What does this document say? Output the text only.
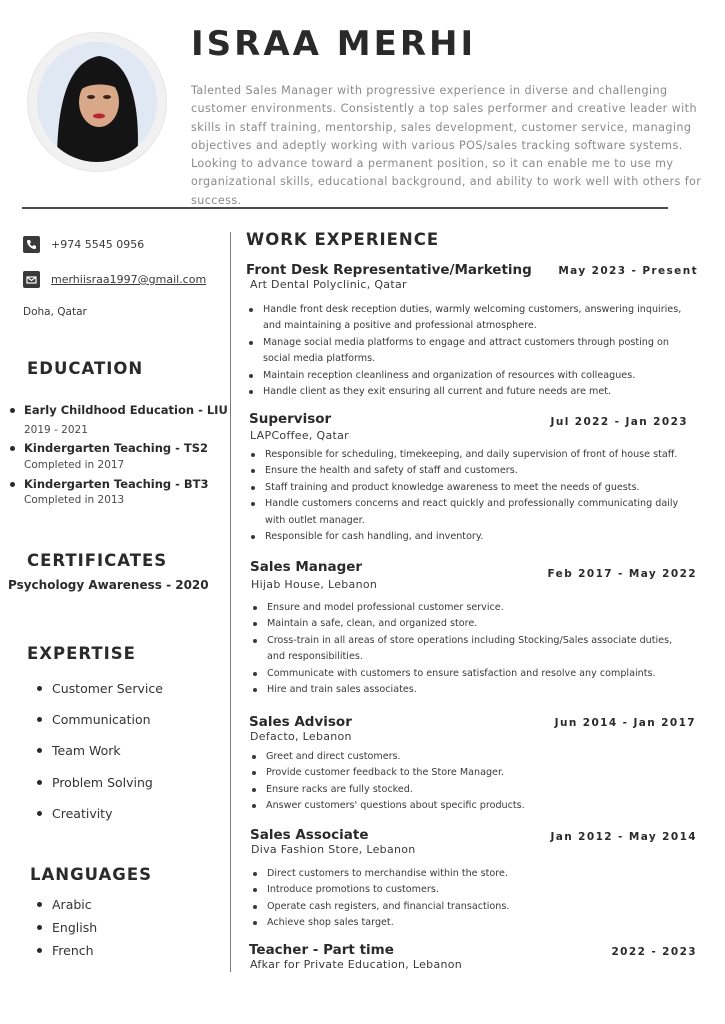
ISRAA MERHI

Talented Sales Manager with progressive experience in diverse and challenging customer environments. Consistently a top sales performer and creative leader with skills in staff training, mentorship, sales development, customer service, managing objectives and adeptly working with various POS/sales tracking software systems. Looking to advance toward a permanent position, so it can enable me to use my organizational skills, educational background, and ability to work well with others for success.

+974 5545 0956
merhiisraa1997@gmail.com
Doha, Qatar
EDUCATION
Early Childhood Education - LIU
2019 - 2021
Kindergarten Teaching - TS2
Completed in 2017
Kindergarten Teaching - BT3
Completed in 2013
CERTIFICATES
Psychology Awareness - 2020
EXPERTISE
Customer Service
Communication
Team Work
Problem Solving
Creativity
LANGUAGES
Arabic
English
French
WORK EXPERIENCE
Front Desk Representative/Marketing	May 2023 - Present
Art Dental Polyclinic, Qatar
Handle front desk reception duties, warmly welcoming customers, answering inquiries, and maintaining a positive and professional atmosphere.
Manage social media platforms to engage and attract customers through posting on social media platforms.
Maintain reception cleanliness and organization of resources with colleagues.
Handle client as they exit ensuring all current and future needs are met.
Supervisor	Jul 2022 - Jan 2023
LAPCoffee, Qatar
Responsible for scheduling, timekeeping, and daily supervision of front of house staff.
Ensure the health and safety of staff and customers.
Staff training and product knowledge awareness to meet the needs of guests.
Handle customers concerns and react quickly and professionally communicating daily with outlet manager.
Responsible for cash handling, and inventory.
Sales Manager	Feb 2017 - May 2022
Hijab House, Lebanon
Ensure and model professional customer service.
Maintain a safe, clean, and organized store.
Cross-train in all areas of store operations including Stocking/Sales associate duties, and responsibilities.
Communicate with customers to ensure satisfaction and resolve any complaints.
Hire and train sales associates.
Sales Advisor	Jun 2014 - Jan 2017
Defacto, Lebanon
Greet and direct customers.
Provide customer feedback to the Store Manager.
Ensure racks are fully stocked.
Answer customers' questions about specific products.
Sales Associate	Jan 2012 - May 2014
Diva Fashion Store, Lebanon
Direct customers to merchandise within the store.
Introduce promotions to customers.
Operate cash registers, and financial transactions.
Achieve shop sales target.
Teacher - Part time	2022 - 2023
Afkar for Private Education, Lebanon
